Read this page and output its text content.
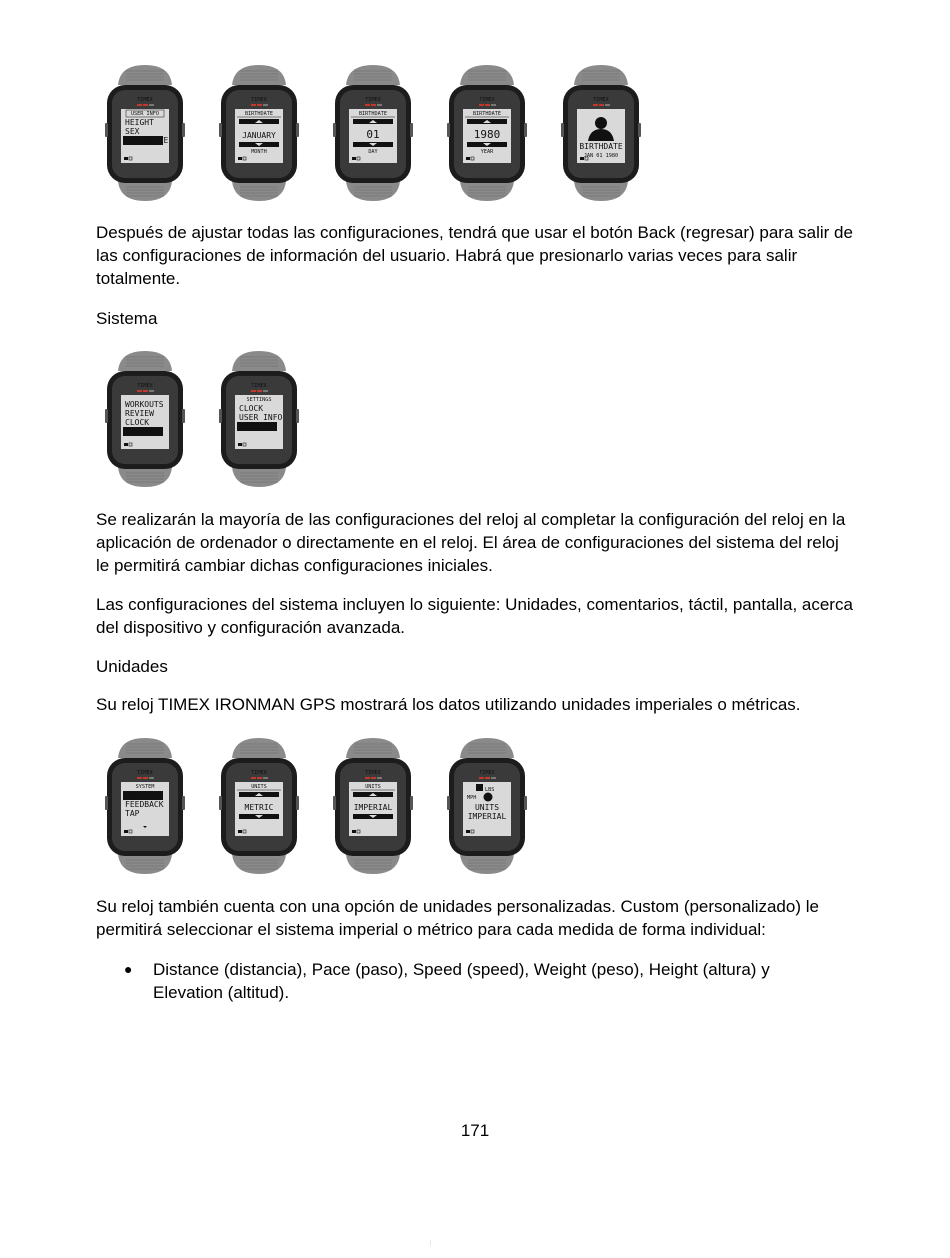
TIMEX
USER INFO
HEIGHT
SEX
BIRTHDATE
TIMEX
BIRTHDATE
JANUARY
MONTH
TIMEX
BIRTHDATE
01
DAY
TIMEX
BIRTHDATE
1980
YEAR
TIMEX
BIRTHDATE
JAN 01 1980

Después de ajustar todas las configuraciones, tendrá que usar el botón Back (regresar) para salir de las configuraciones de información del usuario. Habrá que presionarlo varias veces para salir totalmente.

Sistema

TIMEX
WORKOUTS
REVIEW
CLOCK
SETTINGS
TIMEX
SETTINGS
CLOCK
USER INFO
SYSTEM

Se realizarán la mayoría de las configuraciones del reloj al completar la configuración del reloj en la aplicación de ordenador o directamente en el reloj. El área de configuraciones del sistema del reloj le permitirá cambiar dichas configuraciones iniciales.

Las configuraciones del sistema incluyen lo siguiente: Unidades, comentarios, táctil, pantalla, acerca del dispositivo y configuración avanzada.

Unidades

Su reloj TIMEX IRONMAN GPS mostrará los datos utilizando unidades imperiales o métricas.

TIMEX
SYSTEM
UNITS
FEEDBACK
TAP
TIMEX
UNITS
METRIC
TIMEX
UNITS
IMPERIAL
TIMEX
LBS
MPH
UNITS
IMPERIAL

Su reloj también cuenta con una opción de unidades personalizadas. Custom (personalizado) le permitirá seleccionar el sistema imperial o métrico para cada medida de forma individual:

●	Distance (distancia), Pace (paso), Speed (speed), Weight (peso), Height (altura) y Elevation (altitud).
171
